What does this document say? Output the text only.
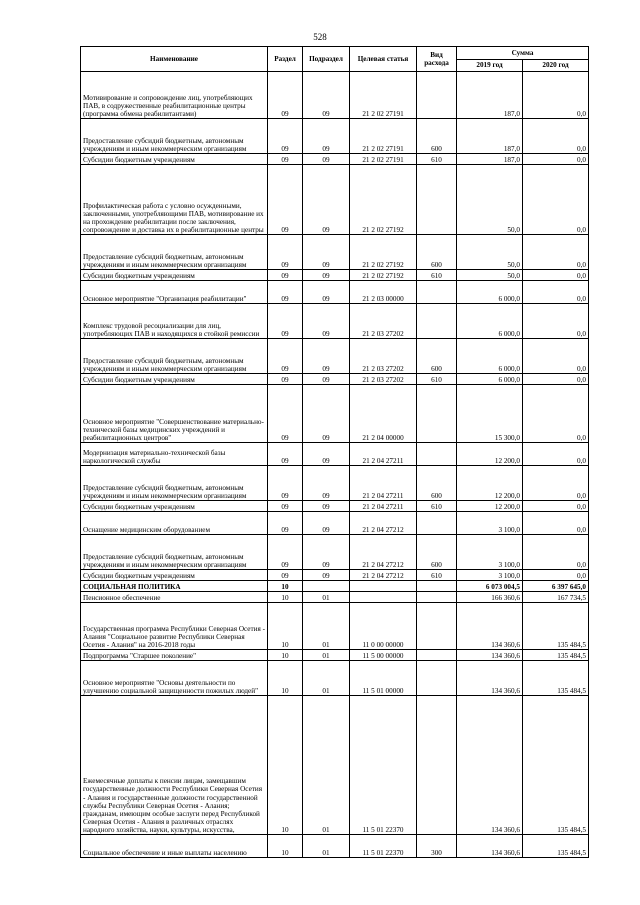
528
Наименование	Раздел	Подраздел	Целевая статья	Вид расхода	Сумма	
					2019 год	2020 год
Мотивирование и сопровождение лиц, употребляющих ПАВ, в содружественные реабилитационные центры (программа обмена реабилитантами)	09	09	21 2 02 27191		187,0	0,0
Предоставление субсидий бюджетным, автономным учреждениям и иным некоммерческим организациям	09	09	21 2 02 27191	600	187,0	0,0
Субсидии бюджетным учреждениям	09	09	21 2 02 27191	610	187,0	0,0
Профилактическая работа с условно осужденными, заключенными, употребляющими ПАВ, мотивирование их на прохождение реабилитации после заключения, сопровождение и доставка их в реабилитационные центры	09	09	21 2 02 27192		50,0	0,0
Предоставление субсидий бюджетным, автономным учреждениям и иным некоммерческим организациям	09	09	21 2 02 27192	600	50,0	0,0
Субсидии бюджетным учреждениям	09	09	21 2 02 27192	610	50,0	0,0
Основное мероприятие "Организация реабилитации"	09	09	21 2 03 00000		6 000,0	0,0
Комплекс трудовой ресоциализации для лиц, употребляющих ПАВ и находящихся в стойкой ремиссии	09	09	21 2 03 27202		6 000,0	0,0
Предоставление субсидий бюджетным, автономным учреждениям и иным некоммерческим организациям	09	09	21 2 03 27202	600	6 000,0	0,0
Субсидии бюджетным учреждениям	09	09	21 2 03 27202	610	6 000,0	0,0
Основное мероприятие "Совершенствование материально-технической базы медицинских учреждений и реабилитационных центров"	09	09	21 2 04 00000		15 300,0	0,0
Модернизация материально-технической базы наркологической службы	09	09	21 2 04 27211		12 200,0	0,0
Предоставление субсидий бюджетным, автономным учреждениям и иным некоммерческим организациям	09	09	21 2 04 27211	600	12 200,0	0,0
Субсидии бюджетным учреждениям	09	09	21 2 04 27211	610	12 200,0	0,0
Оснащение медицинским оборудованием	09	09	21 2 04 27212		3 100,0	0,0
Предоставление субсидий бюджетным, автономным учреждениям и иным некоммерческим организациям	09	09	21 2 04 27212	600	3 100,0	0,0
Субсидии бюджетным учреждениям	09	09	21 2 04 27212	610	3 100,0	0,0
СОЦИАЛЬНАЯ ПОЛИТИКА	10				6 073 004,5	6 397 645,0
Пенсионное обеспечение	10	01			166 360,6	167 734,5
Государственная программа Республики Северная Осетия - Алания "Социальное развитие Республики Северная Осетия - Алания" на 2016-2018 годы	10	01	11 0 00 00000		134 360,6	135 484,5
Подпрограмма "Старшее поколение"	10	01	11 5 00 00000		134 360,6	135 484,5
Основное мероприятие "Основы деятельности по улучшению социальной защищенности пожилых людей"	10	01	11 5 01 00000		134 360,6	135 484,5
Ежемесячные доплаты к пенсии лицам, замещавшим государственные должности Республики Северная Осетия - Алания и государственные должности государственной службы Республики Северная Осетия - Алания; гражданам, имеющим особые заслуги перед Республикой Северная Осетия - Алания в различных отраслях народного хозяйства, науки, культуры, искусства,	10	01	11 5 01 22370		134 360,6	135 484,5
Социальное обеспечение и иные выплаты населению	10	01	11 5 01 22370	300	134 360,6	135 484,5
